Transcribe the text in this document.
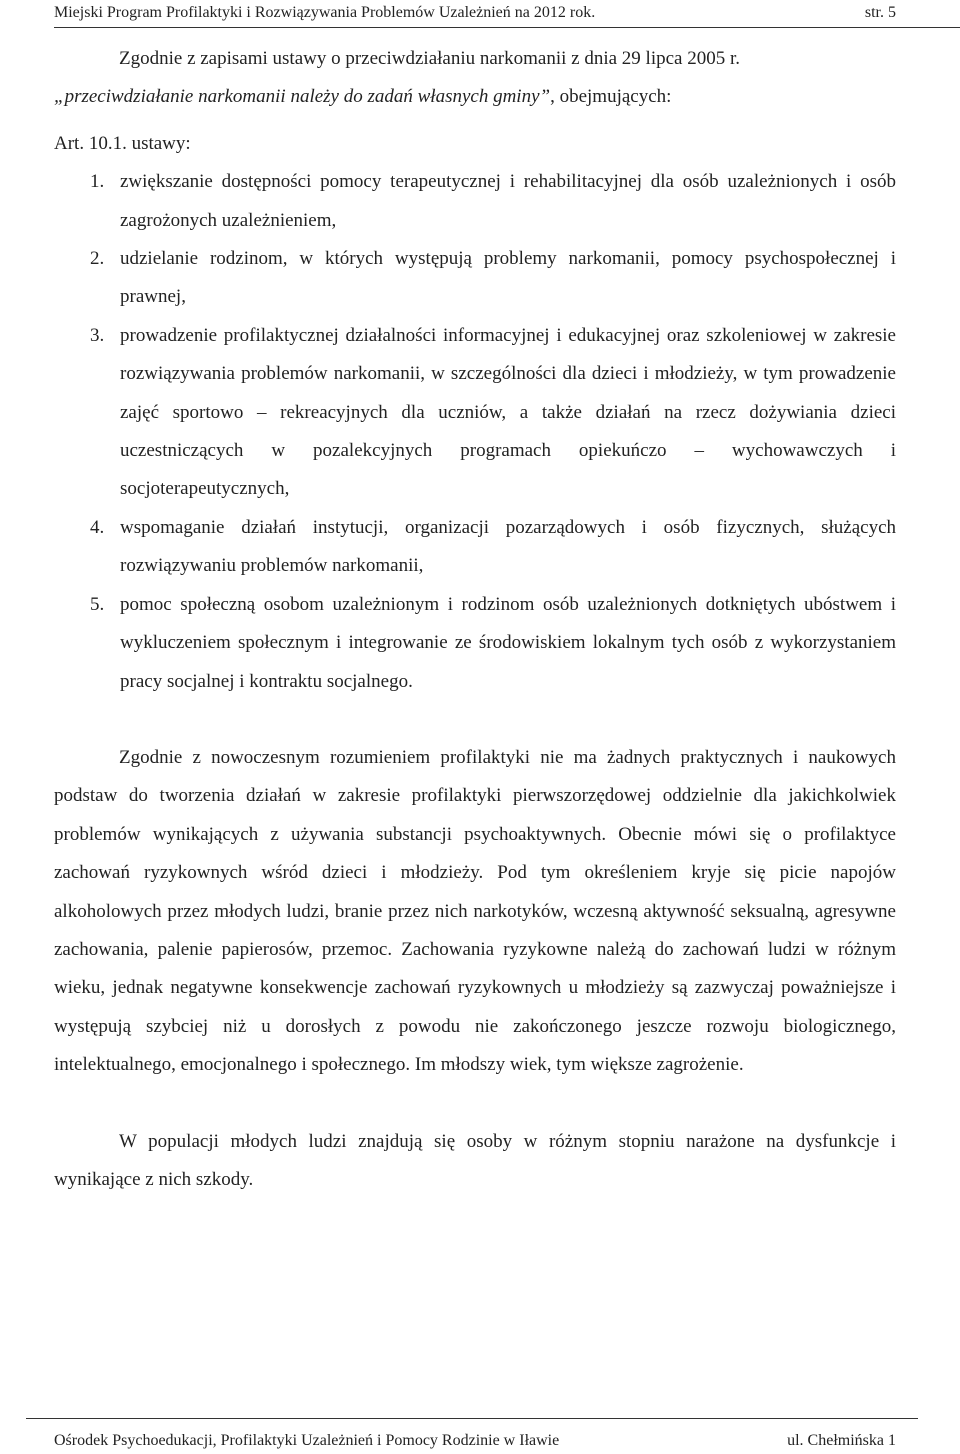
Miejski Program Profilaktyki i Rozwiązywania Problemów Uzależnień na 2012 rok.	str. 5

Zgodnie z zapisami ustawy o przeciwdziałaniu narkomanii z dnia 29 lipca 2005 r.

„przeciwdziałanie narkomanii należy do zadań własnych gminy”, obejmujących:

Art. 10.1. ustawy:

1. zwiększanie dostępności pomocy terapeutycznej i rehabilitacyjnej dla osób uzależnionych i osób zagrożonych uzależnieniem,
2. udzielanie rodzinom, w których występują problemy narkomanii, pomocy psychospołecznej i prawnej,
3. prowadzenie profilaktycznej działalności informacyjnej i edukacyjnej oraz szkoleniowej w zakresie rozwiązywania problemów narkomanii, w szczególności dla dzieci i młodzieży, w tym prowadzenie zajęć sportowo – rekreacyjnych dla uczniów, a także działań na rzecz dożywiania dzieci uczestniczących w pozalekcyjnych programach opiekuńczo – wychowawczych i socjoterapeutycznych,
4. wspomaganie działań instytucji, organizacji pozarządowych i osób fizycznych, służących rozwiązywaniu problemów narkomanii,
5. pomoc społeczną osobom uzależnionym i rodzinom osób uzależnionych dotkniętych ubóstwem i wykluczeniem społecznym i integrowanie ze środowiskiem lokalnym tych osób z wykorzystaniem pracy socjalnej i kontraktu socjalnego.

Zgodnie z nowoczesnym rozumieniem profilaktyki nie ma żadnych praktycznych i naukowych podstaw do tworzenia działań w zakresie profilaktyki pierwszorzędowej oddzielnie dla jakichkolwiek problemów wynikających z używania substancji psychoaktywnych. Obecnie mówi się o profilaktyce zachowań ryzykownych wśród dzieci i młodzieży. Pod tym określeniem kryje się picie napojów alkoholowych przez młodych ludzi, branie przez nich narkotyków, wczesną aktywność seksualną, agresywne zachowania, palenie papierosów, przemoc. Zachowania ryzykowne należą do zachowań ludzi w różnym wieku, jednak negatywne konsekwencje zachowań ryzykownych u młodzieży są zazwyczaj poważniejsze i występują szybciej niż u dorosłych z powodu nie zakończonego jeszcze rozwoju biologicznego, intelektualnego, emocjonalnego i społecznego. Im młodszy wiek, tym większe zagrożenie.

W populacji młodych ludzi znajdują się osoby w różnym stopniu narażone na dysfunkcje i wynikające z nich szkody.

Ośrodek Psychoedukacji, Profilaktyki Uzależnień i Pomocy Rodzinie w Iławie	ul. Chełmińska 1
